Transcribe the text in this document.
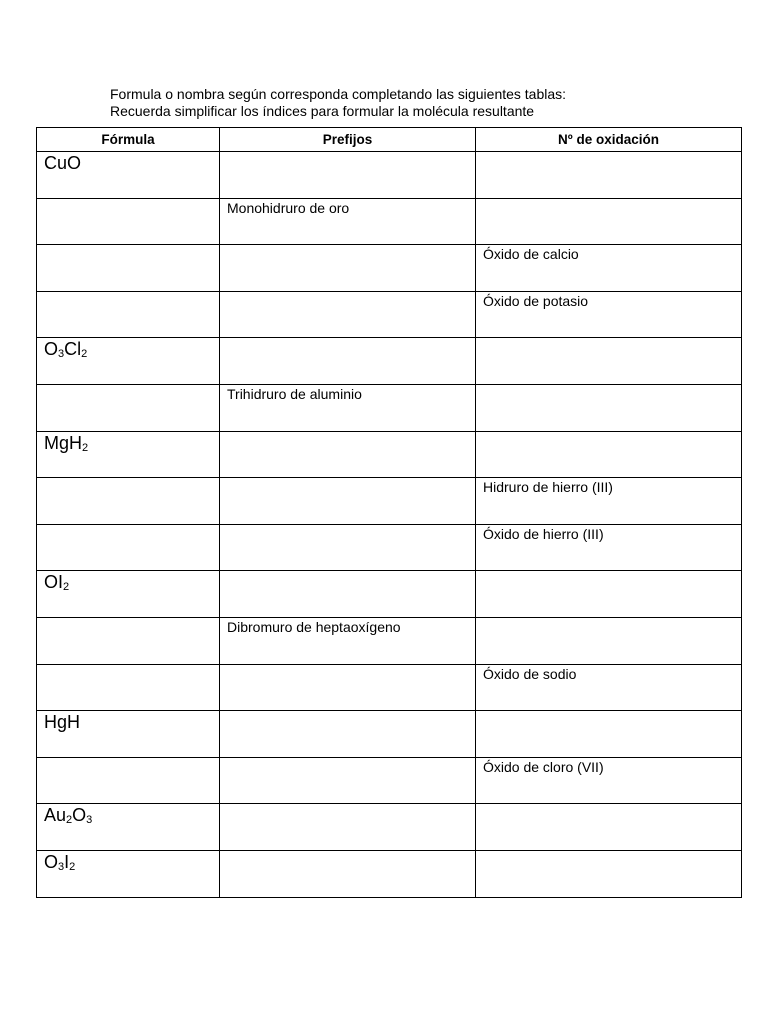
Formula o nombra según corresponda completando las siguientes tablas:
Recuerda simplificar los índices para formular la molécula resultante
Fórmula	Prefijos	Nº de oxidación

CuO		

	Monohidruro de oro	

		Óxido de calcio

		Óxido de potasio

$O_3Cl_2$

	Trihidruro de aluminio	

MgH$_2$

		Hidruro de hierro (III)

		Óxido de hierro (III)

$OI_2$

	Dibromuro de heptaoxígeno	

		Óxido de sodio

HgH		

		Óxido de cloro (VII)

$Au_2O_3$

$O_3I_2$
